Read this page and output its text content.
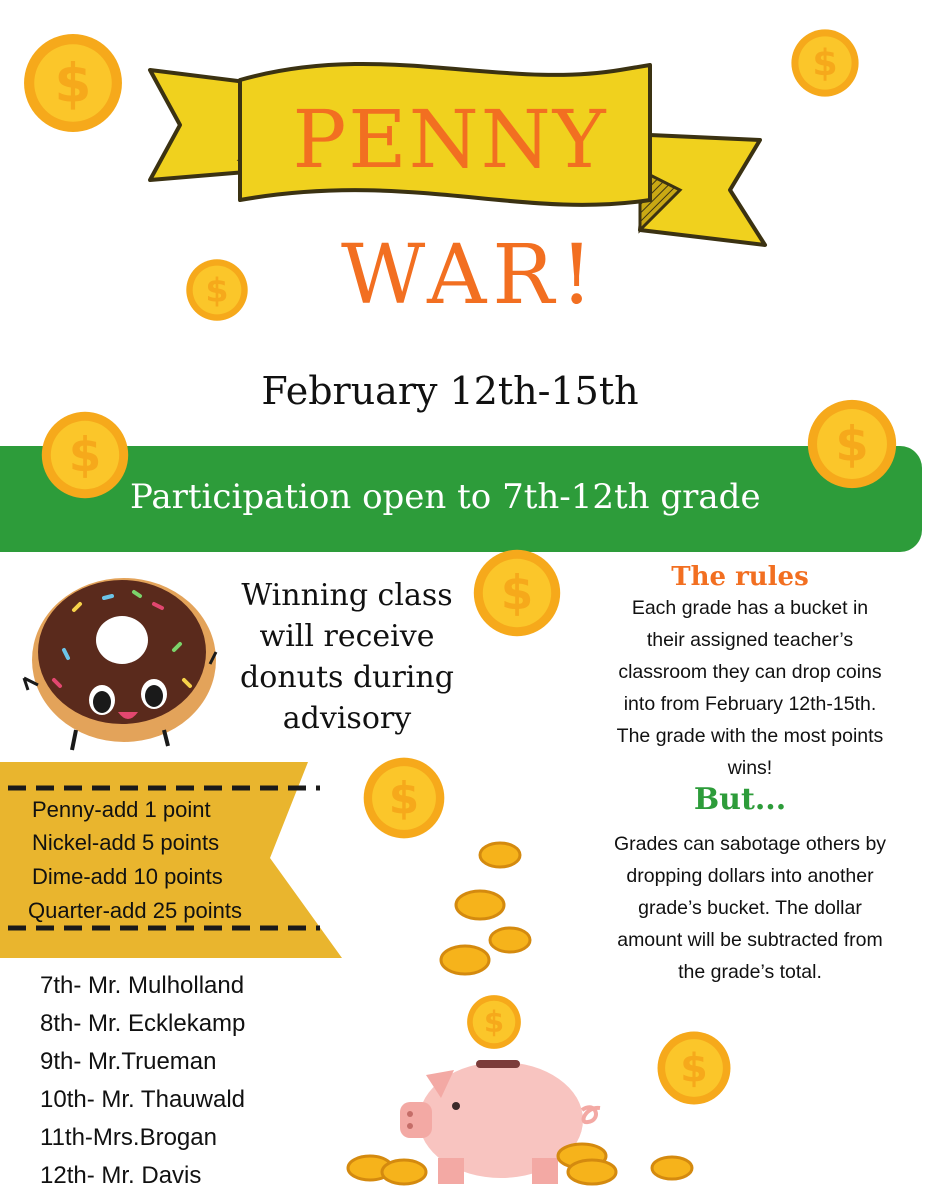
$	$
$
PENNY
WAR!
February 12th-15th
Participation open to 7th-12th grade
$	$
$
Winning class
will receive
donuts during
advisory
The rules
Each grade has a bucket in
their assigned teacher’s
classroom they can drop coins
into from February 12th-15th.
The grade with the most points
wins!
But...
Grades can sabotage others by
dropping dollars into another
grade’s bucket. The dollar
amount will be subtracted from
the grade’s total.
Penny-add 1 point
Nickel-add 5 points
Dime-add 10 points
Quarter-add 25 points
$
7th- Mr. Mulholland
8th- Mr. Ecklekamp
9th- Mr.Trueman
10th- Mr. Thauwald
11th-Mrs.Brogan
12th- Mr. Davis
$
$
